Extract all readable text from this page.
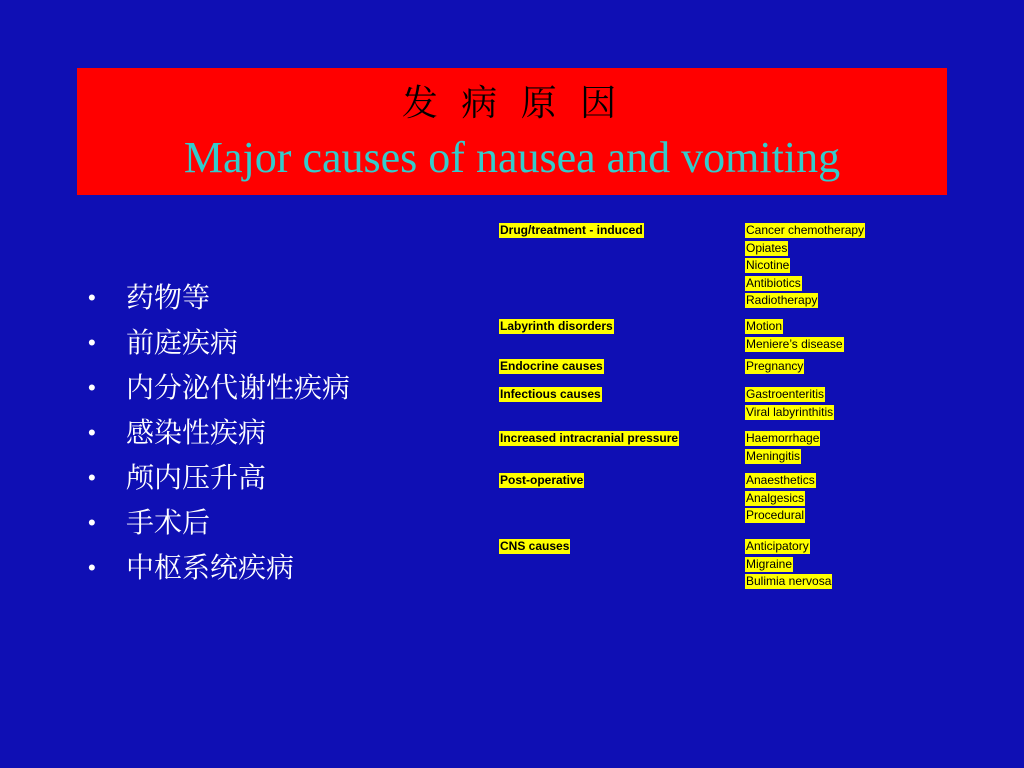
发 病 原 因
Major causes of nausea and vomiting
•	药物等
•	前庭疾病
•	内分泌代谢性疾病
•	感染性疾病
•	颅内压升高
•	手术后
•	中枢系统疾病
Drug/treatment - induced	Cancer chemotherapy
Opiates
Nicotine
Antibiotics
Radiotherapy
Labyrinth disorders	Motion
Meniere’s disease
Endocrine causes	Pregnancy
Infectious causes	Gastroenteritis
Viral labyrinthitis
Increased intracranial pressure	Haemorrhage
Meningitis
Post-operative	Anaesthetics
Analgesics
Procedural
CNS causes	Anticipatory
Migraine
Bulimia nervosa
